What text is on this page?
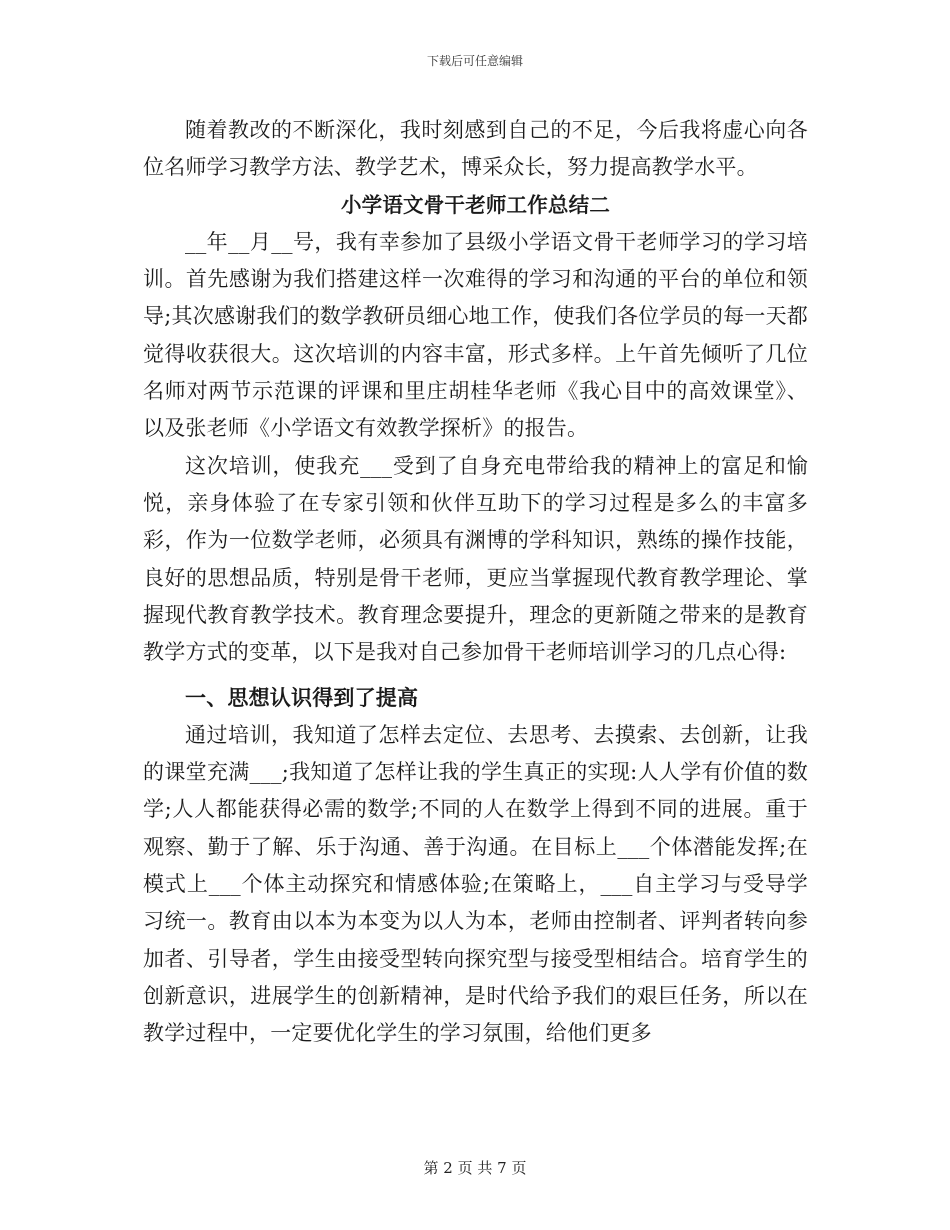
下载后可任意编辑

随着教改的不断深化，我时刻感到自己的不足，今后我将虚心向各位名师学习教学方法、教学艺术，博采众长，努力提高教学水平。

小学语文骨干老师工作总结二

__年__月__号，我有幸参加了县级小学语文骨干老师学习的学习培训。首先感谢为我们搭建这样一次难得的学习和沟通的平台的单位和领导;其次感谢我们的数学教研员细心地工作，使我们各位学员的每一天都觉得收获很大。这次培训的内容丰富，形式多样。上午首先倾听了几位名师对两节示范课的评课和里庄胡桂华老师《我心目中的高效课堂》、以及张老师《小学语文有效教学探析》的报告。

这次培训，使我充___受到了自身充电带给我的精神上的富足和愉悦，亲身体验了在专家引领和伙伴互助下的学习过程是多么的丰富多彩，作为一位数学老师，必须具有渊博的学科知识，熟练的操作技能，良好的思想品质，特别是骨干老师，更应当掌握现代教育教学理论、掌握现代教育教学技术。教育理念要提升，理念的更新随之带来的是教育教学方式的变革，以下是我对自己参加骨干老师培训学习的几点心得:

一、思想认识得到了提高

通过培训，我知道了怎样去定位、去思考、去摸索、去创新，让我的课堂充满___;我知道了怎样让我的学生真正的实现:人人学有价值的数学;人人都能获得必需的数学;不同的人在数学上得到不同的进展。重于观察、勤于了解、乐于沟通、善于沟通。在目标上___个体潜能发挥;在模式上___个体主动探究和情感体验;在策略上，___自主学习与受导学习统一。教育由以本为本变为以人为本，老师由控制者、评判者转向参加者、引导者，学生由接受型转向探究型与接受型相结合。培育学生的创新意识，进展学生的创新精神，是时代给予我们的艰巨任务，所以在教学过程中，一定要优化学生的学习氛围，给他们更多

第 2 页 共 7 页
